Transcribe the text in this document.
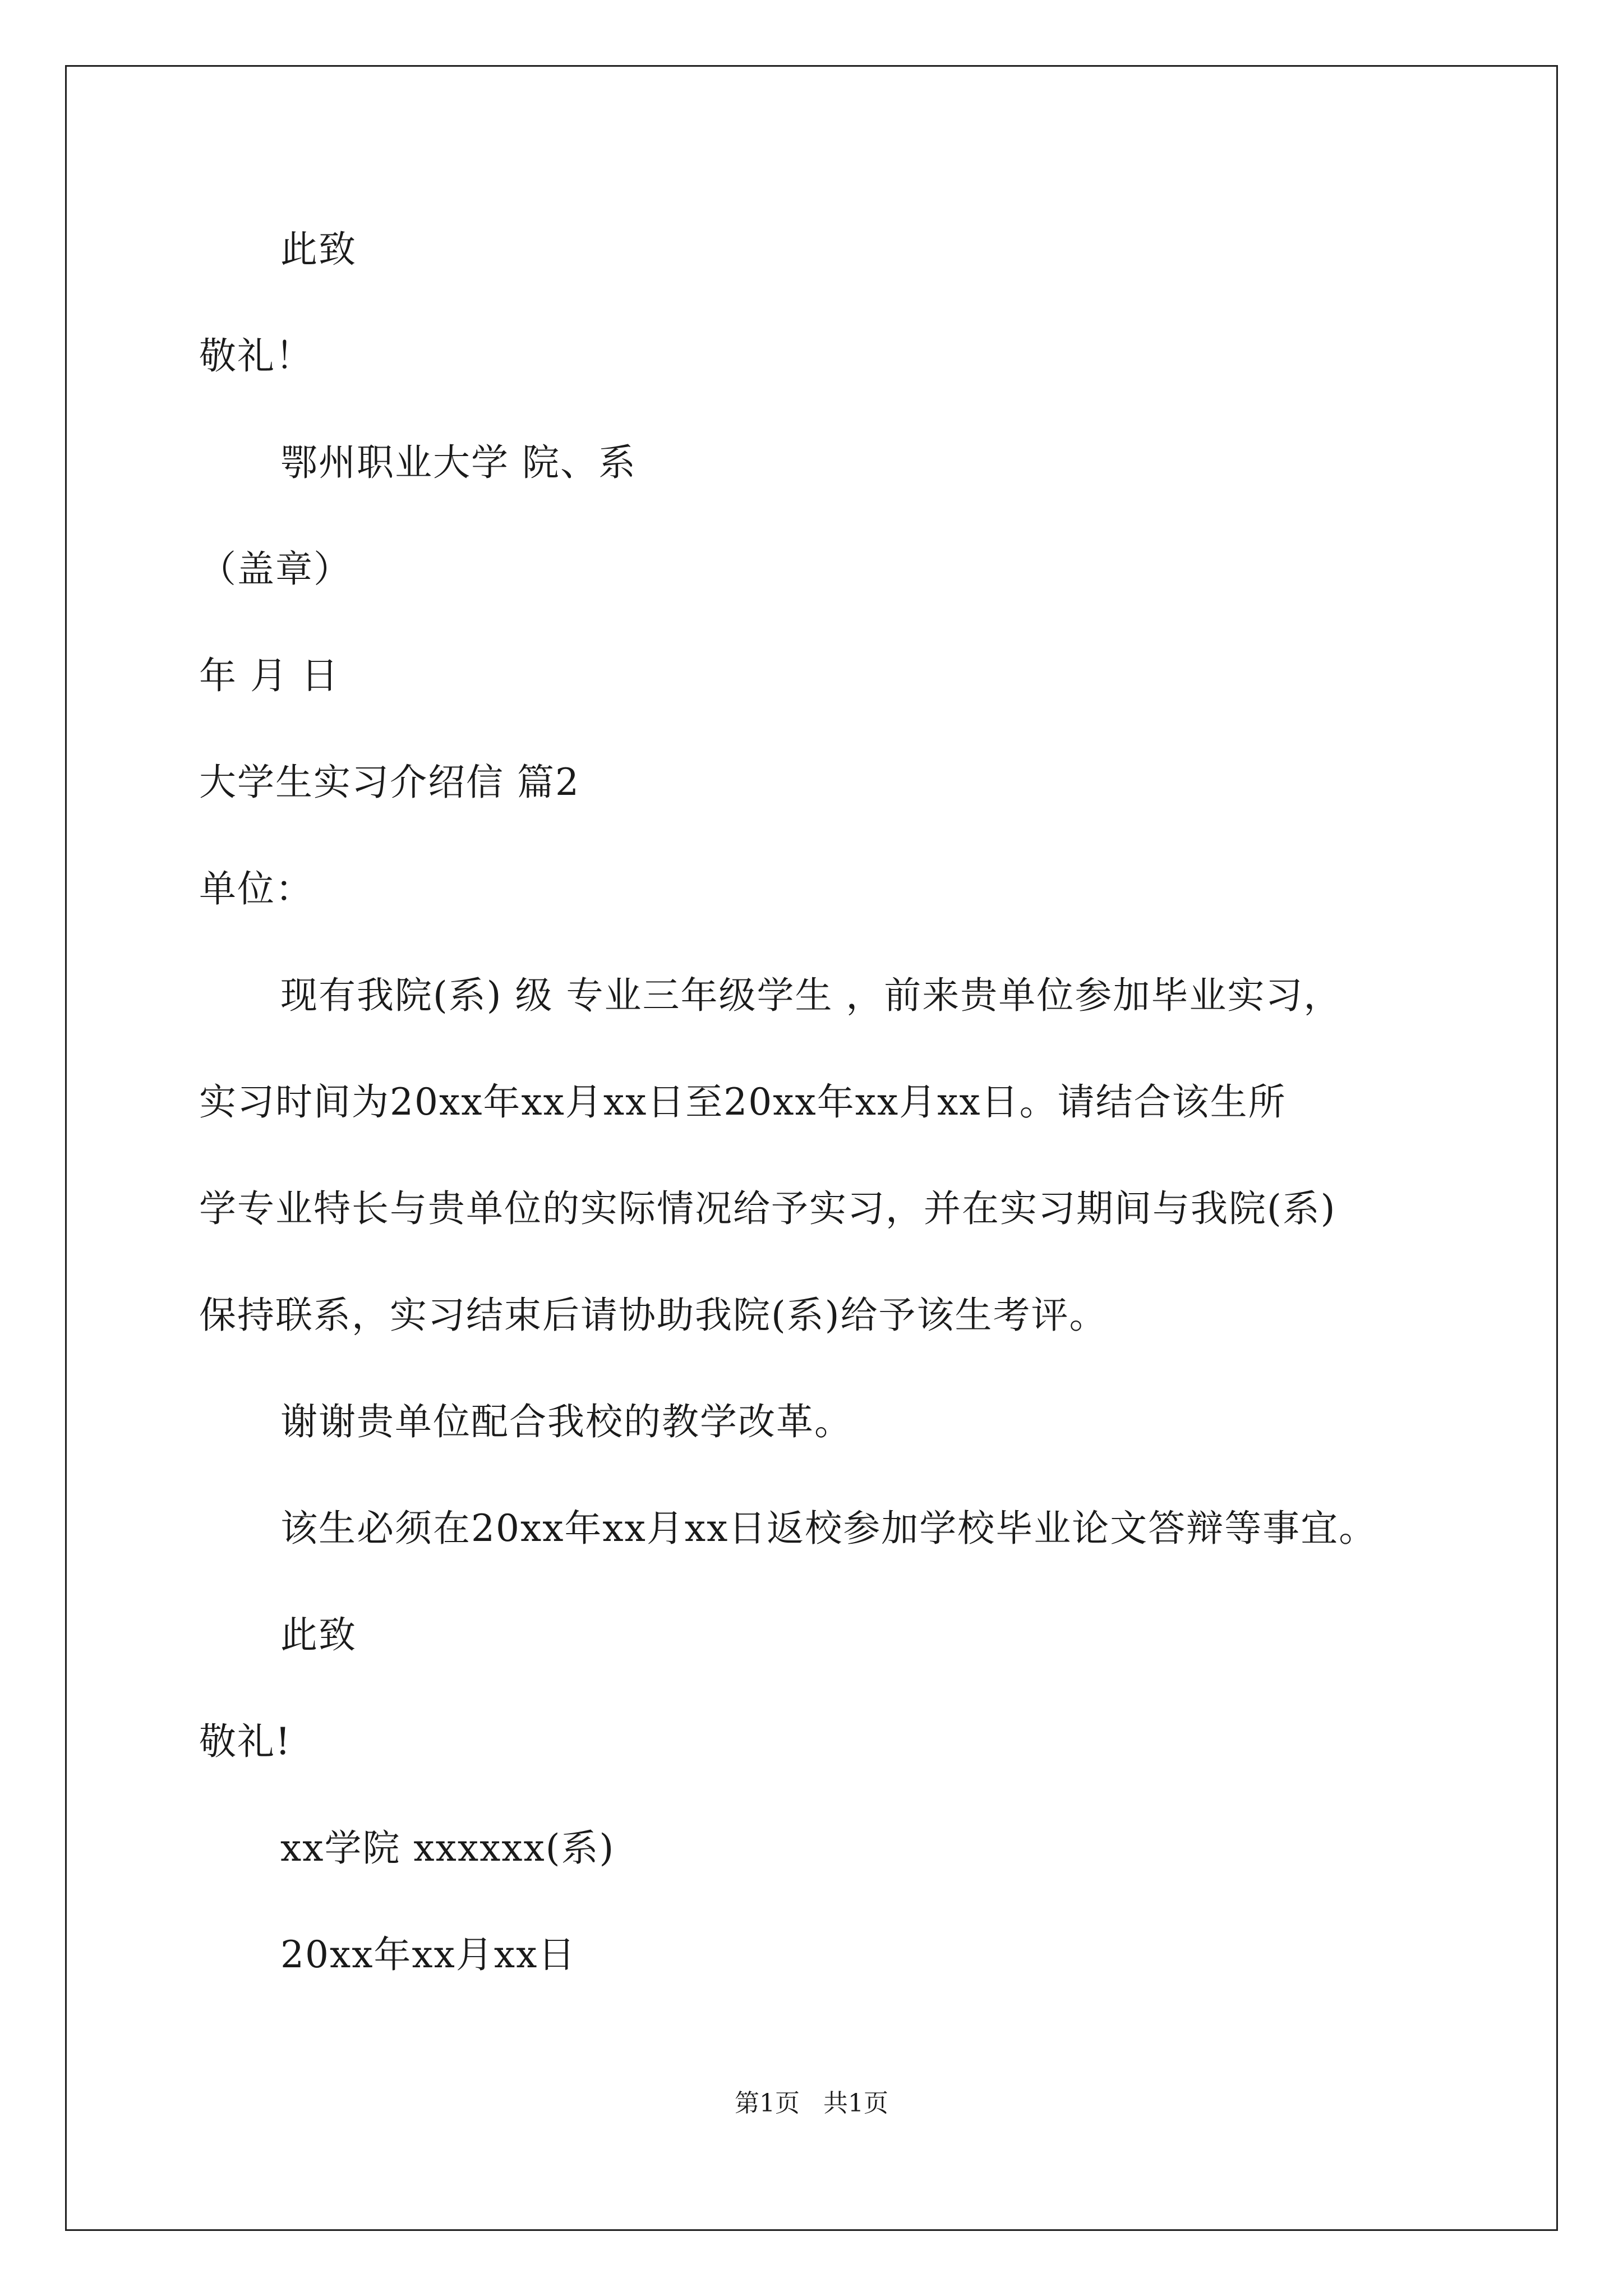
此致
敬礼！
鄂州职业大学 院、系
（盖章）
年 月 日
大学生实习介绍信 篇2
单位：
现有我院(系) 级 专业三年级学生 ，前来贵单位参加毕业实习，
实习时间为20xx年xx月xx日至20xx年xx月xx日。请结合该生所
学专业特长与贵单位的实际情况给予实习，并在实习期间与我院(系)
保持联系，实习结束后请协助我院(系)给予该生考评。
谢谢贵单位配合我校的教学改革。
该生必须在20xx年xx月xx日返校参加学校毕业论文答辩等事宜。
此致
敬礼!
xx学院 xxxxxx(系)
20xx年xx月xx日
第1页   共1页
